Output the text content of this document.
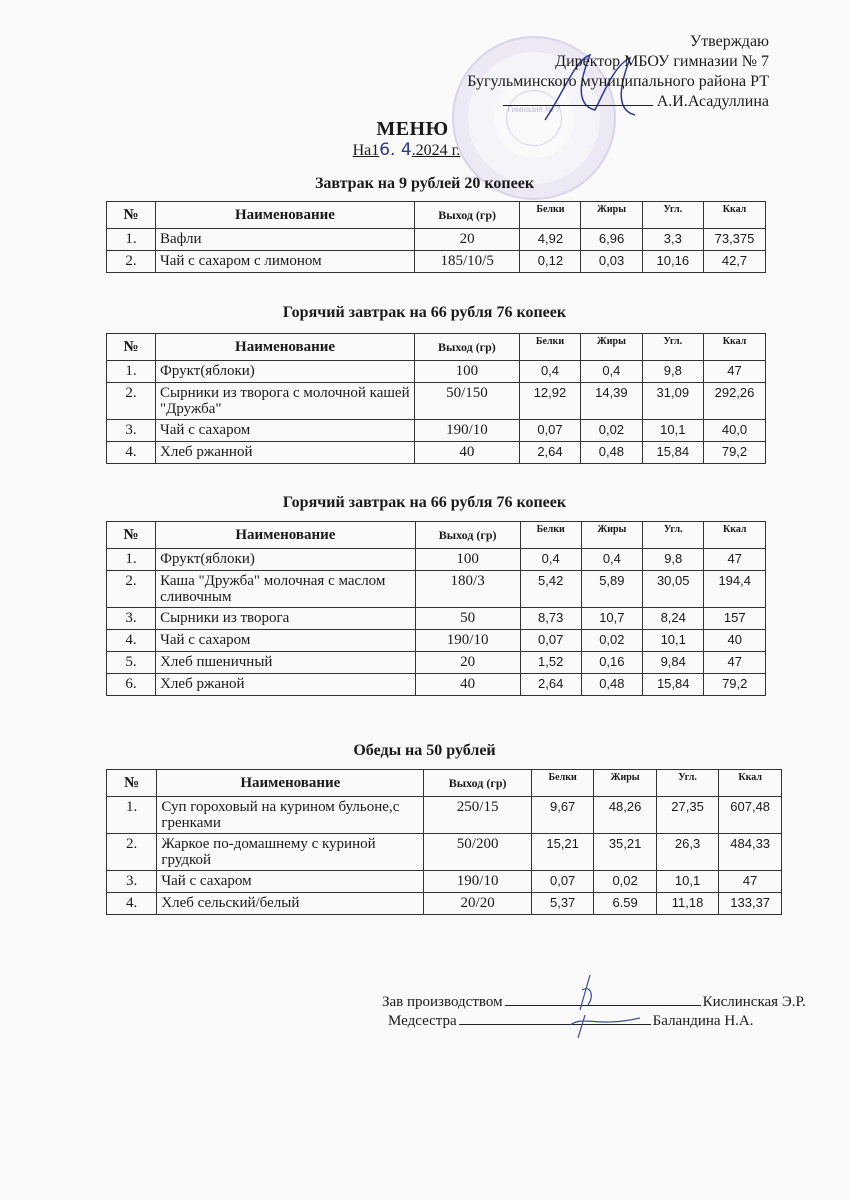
Гимназия № 7
Утверждаю
Директор МБОУ гимназии № 7
Бугульминского муниципального района РТ
А.И.Асадуллина
МЕНЮ
На16. 4.2024 г.
Завтрак на 9 рублей 20 копеек
№	Наименование	Выход (гр)	Белки	Жиры	Угл.	Ккал
1.	Вафли	20	4,92	6,96	3,3	73,375
2.	Чай с сахаром с лимоном	185/10/5	0,12	0,03	10,16	42,7
Горячий завтрак на 66 рубля 76 копеек
№	Наименование	Выход (гр)	Белки	Жиры	Угл.	Ккал
1.	Фрукт(яблоки)	100	0,4	0,4	9,8	47
2.	Сырники из творога с молочной кашей "Дружба"	50/150	12,92	14,39	31,09	292,26
3.	Чай с сахаром	190/10	0,07	0,02	10,1	40,0
4.	Хлеб ржанной	40	2,64	0,48	15,84	79,2
Горячий завтрак на 66 рубля 76 копеек
№	Наименование	Выход (гр)	Белки	Жиры	Угл.	Ккал
1.	Фрукт(яблоки)	100	0,4	0,4	9,8	47
2.	Каша "Дружба" молочная с маслом сливочным	180/3	5,42	5,89	30,05	194,4
3.	Сырники из творога	50	8,73	10,7	8,24	157
4.	Чай с сахаром	190/10	0,07	0,02	10,1	40
5.	Хлеб пшеничный	20	1,52	0,16	9,84	47
6.	Хлеб ржаной	40	2,64	0,48	15,84	79,2
Обеды на 50 рублей
№	Наименование	Выход (гр)	Белки	Жиры	Угл.	Ккал
1.	Суп гороховый на курином бульоне,с гренками	250/15	9,67	48,26	27,35	607,48
2.	Жаркое по-домашнему с куриной грудкой	50/200	15,21	35,21	26,3	484,33
3.	Чай с сахаром	190/10	0,07	0,02	10,1	47
4.	Хлеб сельский/белый	20/20	5,37	6.59	11,18	133,37
Зав производством	Кислинская Э.Р.
Медсестра	Баландина Н.А.
